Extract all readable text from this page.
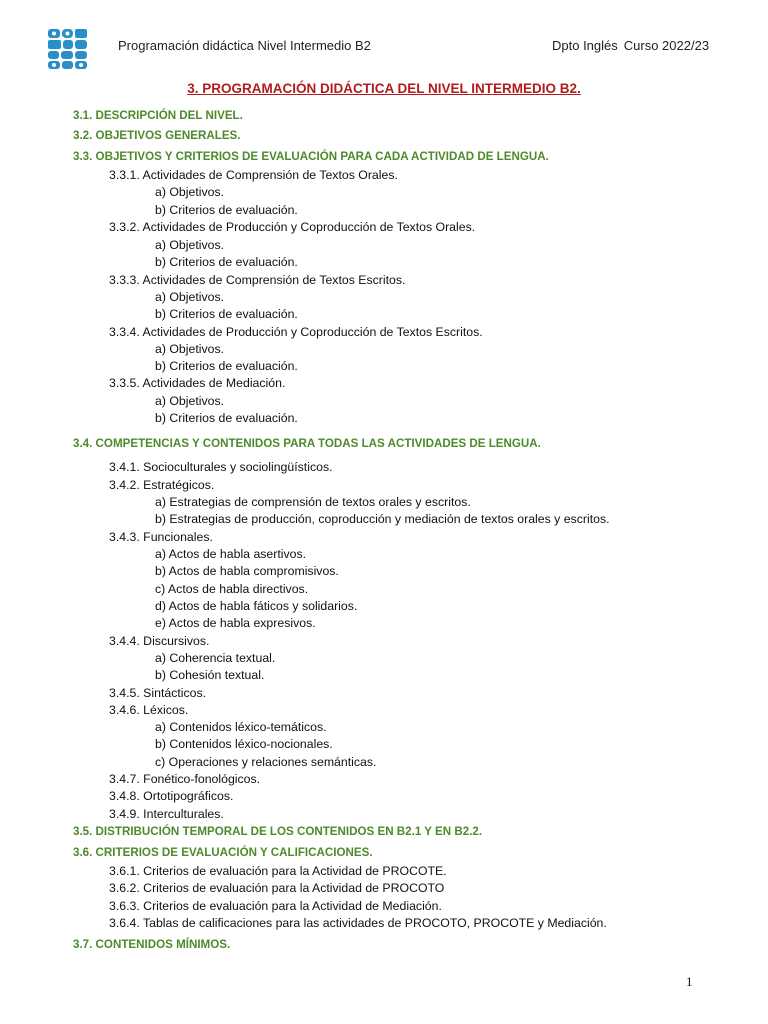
Programación didáctica Nivel Intermedio B2	Dpto Inglés Curso 2022/23
3. PROGRAMACIÓN DIDÁCTICA DEL NIVEL INTERMEDIO B2.
3.1. DESCRIPCIÓN DEL NIVEL.
3.2. OBJETIVOS GENERALES.
3.3. OBJETIVOS Y CRITERIOS DE EVALUACIÓN PARA CADA ACTIVIDAD DE LENGUA.
3.3.1. Actividades de Comprensión de Textos Orales.
a) Objetivos.
b) Criterios de evaluación.
3.3.2. Actividades de Producción y Coproducción de Textos Orales.
a) Objetivos.
b) Criterios de evaluación.
3.3.3. Actividades de Comprensión de Textos Escritos.
a) Objetivos.
b) Criterios de evaluación.
3.3.4. Actividades de Producción y Coproducción de Textos Escritos.
a) Objetivos.
b) Criterios de evaluación.
3.3.5. Actividades de Mediación.
a) Objetivos.
b) Criterios de evaluación.
3.4. COMPETENCIAS Y CONTENIDOS PARA TODAS LAS ACTIVIDADES DE LENGUA.
3.4.1. Socioculturales y sociolingüísticos.
3.4.2. Estratégicos.
a) Estrategias de comprensión de textos orales y escritos.
b) Estrategias de producción, coproducción y mediación de textos orales y escritos.
3.4.3. Funcionales.
a) Actos de habla asertivos.
b) Actos de habla compromisivos.
c) Actos de habla directivos.
d) Actos de habla fáticos y solidarios.
e) Actos de habla expresivos.
3.4.4. Discursivos.
a) Coherencia textual.
b) Cohesión textual.
3.4.5. Sintácticos.
3.4.6. Léxicos.
a) Contenidos léxico-temáticos.
b) Contenidos léxico-nocionales.
c) Operaciones y relaciones semánticas.
3.4.7. Fonético-fonológicos.
3.4.8. Ortotipográficos.
3.4.9. Interculturales.
3.5. DISTRIBUCIÓN TEMPORAL DE LOS CONTENIDOS EN B2.1 Y EN B2.2.
3.6. CRITERIOS DE EVALUACIÓN Y CALIFICACIONES.
3.6.1. Criterios de evaluación para la Actividad de PROCOTE.
3.6.2. Criterios de evaluación para la Actividad de PROCOTO
3.6.3. Criterios de evaluación para la Actividad de Mediación.
3.6.4. Tablas de calificaciones para las actividades de PROCOTO, PROCOTE y Mediación.
3.7. CONTENIDOS MÍNIMOS.
1
